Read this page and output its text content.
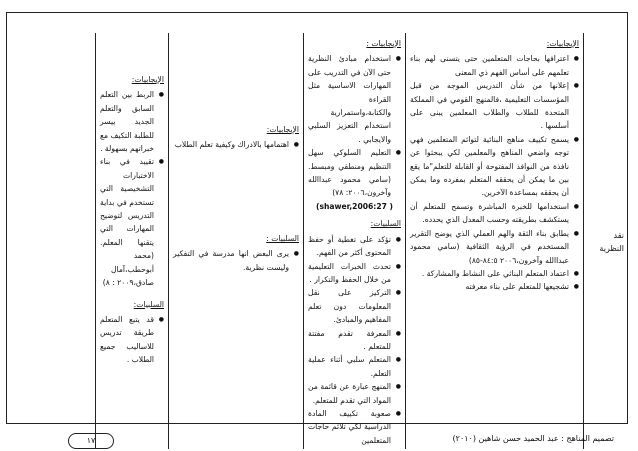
نقد النظرية

الإيجابيات:

● اعترافها بحاجات المتعلمين حتى يتسنى لهم بناء تعلمهم على أساس الفهم ذي المعنى
● إعلانها من شأن التدريس الموجه من قبل المؤسسات التعليمية ،فالمنهج القومي في المملكة المتحدة للطلاب والطلاب المعلمين يبنى على أسلسها .
● يسمح تكييف مناهج البنائية لتوائم المتعلمين فهي توجه واضعي المناهج والمعلمين لكي يبحثوا عن نافذة من النوافذ المفتوحة أو القابلة للتعلم"ما يقع بين ما يمكن أن يحققه المتعلم بمفرده وما يمكن أن يحققه بمساعدة الآخرين.
● استخدامها للخبرة المباشرة وتسمح للمتعلم أن يستكشف بطريقته وحسب المعدل الذي يحدده.
● يطابق بناء الثقة والهم العملي الذي يوضح التقرير المستخدم في الرؤية الثقافية (سامي محمود عبداالله وآخرون،٢٠٠٦ ٨٤:٥-٨٥)
● اعتماد المتعلم البنائي على النشاط والمشاركة .
● تشجيعها للمتعلم على بناء معرفته

الإيجابيات :

● استخدام مبادئ النظرية حتى الآن في التدريب على المهارات الاساسية مثل القراءة والكتابة،واستمرارية استخدام التعزيز السلبي والايجابي .
● التعليم السلوكي سهل التنظيم ومنطقي ومبسط.(سامي محمود عبداالله وآخرون،٢٠٠٦: ٧٨)

( shawer,2006:27)

السلبيات:

● تؤكد على تغطية أو حفظ المحتوى أكثر من الفهم.
● تحدث الخبرات التعليمية من خلال الحفظ والتكرار .
● التركيز على نقل المعلومات دون تعلم المفاهيم والمبادئ.
● المعرفة تقدم مفتتة للمتعلم .
● المتعلم سلبي أثناء عملية التعلم.
● المنهج عبارة عن قائمة من المواد التي تقدم للمتعلم.
● صعوبة تكييف المادة الدراسية لكي تلائم حاجات المتعلمين

الإيجابيات:

● اهتمامها بالادراك وكيفية تعلم الطلاب

السلبيات :

● يرى البعض انها مدرسة في التفكير وليست نظرية.

الإيجابيات:

● الربط بين التعلم السابق والتعلم الجديد ييسر للطلبة التكيف مع خبراتهم بسهولة .
● تقييد في بناء الاختبارات التشخيصية التي تستخدم في بداية التدريس لتوضيح المهارات التي يتقنها المعلم.(محمد أبوحطب،آمال صادق،٢٠٠٩ : ٨)

السلبيات:

● قد يتبع المتعلم طريقة تدريس للاساليب جميع الطلاب .
١٧	تصميم المناهج : عبد الحميد حسن شاهين (٢٠١٠)
